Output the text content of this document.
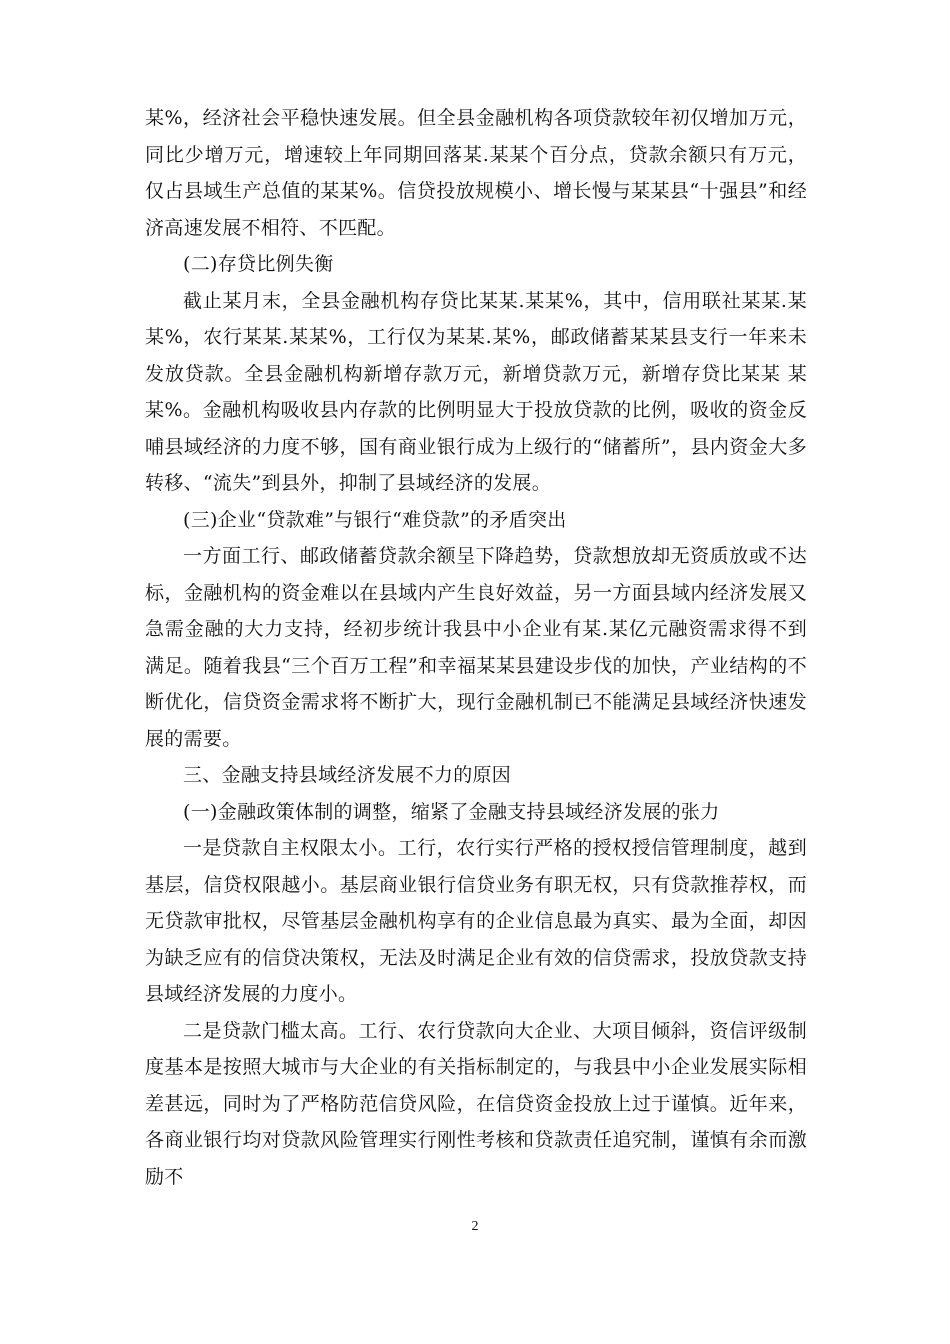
某%，经济社会平稳快速发展。但全县金融机构各项贷款较年初仅增加万元，同比少增万元，增速较上年同期回落某.某某个百分点，贷款余额只有万元，仅占县域生产总值的某某%。信贷投放规模小、增长慢与某某县“十强县”和经济高速发展不相符、不匹配。

(二)存贷比例失衡

截止某月末，全县金融机构存贷比某某.某某%，其中，信用联社某某.某某%，农行某某.某某%，工行仅为某某.某%，邮政储蓄某某县支行一年来未发放贷款。全县金融机构新增存款万元，新增贷款万元，新增存贷比某某 某某%。金融机构吸收县内存款的比例明显大于投放贷款的比例，吸收的资金反哺县域经济的力度不够，国有商业银行成为上级行的“储蓄所”，县内资金大多转移、“流失”到县外，抑制了县域经济的发展。

(三)企业“贷款难”与银行“难贷款”的矛盾突出

一方面工行、邮政储蓄贷款余额呈下降趋势，贷款想放却无资质放或不达标，金融机构的资金难以在县域内产生良好效益，另一方面县域内经济发展又急需金融的大力支持，经初步统计我县中小企业有某.某亿元融资需求得不到满足。随着我县“三个百万工程”和幸福某某县建设步伐的加快，产业结构的不断优化，信贷资金需求将不断扩大，现行金融机制已不能满足县域经济快速发展的需要。

三、金融支持县域经济发展不力的原因

(一)金融政策体制的调整，缩紧了金融支持县域经济发展的张力

一是贷款自主权限太小。工行，农行实行严格的授权授信管理制度，越到基层，信贷权限越小。基层商业银行信贷业务有职无权，只有贷款推荐权，而无贷款审批权，尽管基层金融机构享有的企业信息最为真实、最为全面，却因为缺乏应有的信贷决策权，无法及时满足企业有效的信贷需求，投放贷款支持县域经济发展的力度小。

二是贷款门槛太高。工行、农行贷款向大企业、大项目倾斜，资信评级制度基本是按照大城市与大企业的有关指标制定的，与我县中小企业发展实际相差甚远，同时为了严格防范信贷风险，在信贷资金投放上过于谨慎。近年来，各商业银行均对贷款风险管理实行刚性考核和贷款责任追究制，谨慎有余而激励不

2
